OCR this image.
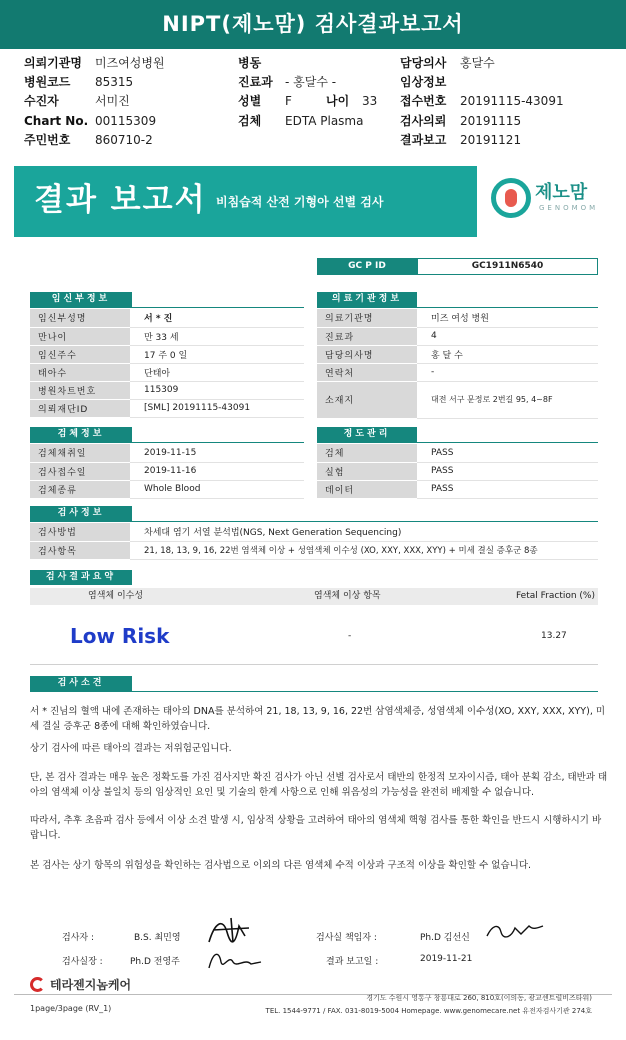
NIPT(제노맘) 검사결과보고서
의뢰기관명 미즈여성병원	병동	담당의사 홍달수
병원코드 85315	진료과 - 홍달수 -	임상정보
수진자	서미진	성별 F	나이 33 접수번호 20191115-43091
Chart No. 00115309	검체 EDTA Plasma	검사의뢰 20191115
주민번호 860710-2	결과보고 20191121
결과 보고서 비침습적 산전 기형아 선별 검사	제노맘
GENOMOM
GC P ID	GC1911N6540
임신부정보
임신부성명	서 * 진
만나이	만 33 세
임신주수	17 주 0 일
태아수	단태아
병원차트번호	115309
의뢰재단ID	[SML] 20191115-43091
의료기관정보
의료기관명	미즈 여성 병원
진료과	4
담당의사명	홍 달 수
연락처	-
소재지	대전 서구 문정로 2번길 95, 4~8F
검체정보
검체채취일	2019-11-15
검사접수일	2019-11-16
검체종류	Whole Blood
정도관리
검체	PASS
실험	PASS
데이터	PASS
검사정보
검사방법	차세대 염기 서열 분석법(NGS, Next Generation Sequencing)
검사항목	21, 18, 13, 9, 16, 22번 염색체 이상 + 성염색체 이수성 (XO, XXY, XXX, XYY) + 미세 결실 증후군 8종
검사결과요약
염색체 이수성	염색체 이상 항목	Fetal Fraction (%)
Low Risk	-	13.27
검사소견
서 * 진님의 혈액 내에 존재하는 태아의 DNA를 분석하여 21, 18, 13, 9, 16, 22번 삼염색체증, 성염색체 이수성(XO, XXY, XXX, XYY), 미세 결실 증후군 8종에 대해 확인하였습니다.
상기 검사에 따른 태아의 결과는 저위험군입니다.
단, 본 검사 결과는 매우 높은 정확도를 가진 검사지만 확진 검사가 아닌 선별 검사로서 태반의 한정적 모자이시즘, 태아 분획 감소, 태반과 태아의 염색체 이상 불일치 등의 임상적인 요인 및 기술의 한계 사항으로 인해 위음성의 가능성을 완전히 배제할 수 없습니다.
따라서, 추후 초음파 검사 등에서 이상 소견 발생 시, 임상적 상황을 고려하여 태아의 염색체 핵형 검사를 통한 확인을 반드시 시행하시기 바랍니다.
본 검사는 상기 항목의 위험성을 확인하는 검사법으로 이외의 다른 염색체 수적 이상과 구조적 이상을 확인할 수 없습니다.
검사자 :	B.S. 최민영	검사실 책임자 :	Ph.D 김선신
검사실장 :	Ph.D 전영주	결과 보고일 :	2019-11-21
테라젠지놈케어
경기도 수원시 영통구 창룡대로 260, 810호(이의동, 광교센트럴비즈타워)
TEL. 1544-9771 / FAX. 031-8019-5004 Homepage. www.genomecare.net 유전자검사기관 274호
1page/3page (RV_1)
